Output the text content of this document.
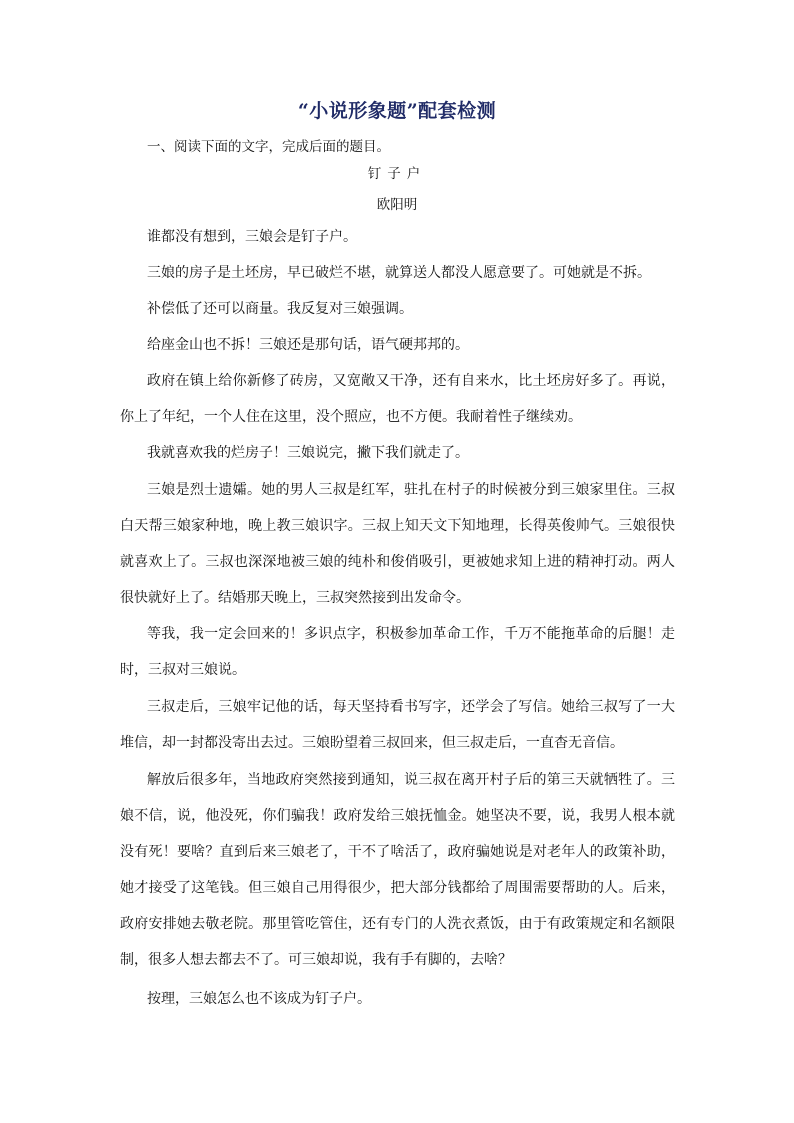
“小说形象题”配套检测
一、阅读下面的文字，完成后面的题目。
钉子户
欧阳明

谁都没有想到，三娘会是钉子户。

三娘的房子是土坯房，早已破烂不堪，就算送人都没人愿意要了。可她就是不拆。

补偿低了还可以商量。我反复对三娘强调。

给座金山也不拆！三娘还是那句话，语气硬邦邦的。

政府在镇上给你新修了砖房，又宽敞又干净，还有自来水，比土坯房好多了。再说，你上了年纪，一个人住在这里，没个照应，也不方便。我耐着性子继续劝。

我就喜欢我的烂房子！三娘说完，撇下我们就走了。

三娘是烈士遗孀。她的男人三叔是红军，驻扎在村子的时候被分到三娘家里住。三叔白天帮三娘家种地，晚上教三娘识字。三叔上知天文下知地理，长得英俊帅气。三娘很快就喜欢上了。三叔也深深地被三娘的纯朴和俊俏吸引，更被她求知上进的精神打动。两人很快就好上了。结婚那天晚上，三叔突然接到出发命令。

等我，我一定会回来的！多识点字，积极参加革命工作，千万不能拖革命的后腿！走时，三叔对三娘说。

三叔走后，三娘牢记他的话，每天坚持看书写字，还学会了写信。她给三叔写了一大堆信，却一封都没寄出去过。三娘盼望着三叔回来，但三叔走后，一直杳无音信。

解放后很多年，当地政府突然接到通知，说三叔在离开村子后的第三天就牺牲了。三娘不信，说，他没死，你们骗我！政府发给三娘抚恤金。她坚决不要，说，我男人根本就没有死！要啥？直到后来三娘老了，干不了啥活了，政府骗她说是对老年人的政策补助，她才接受了这笔钱。但三娘自己用得很少，把大部分钱都给了周围需要帮助的人。后来，政府安排她去敬老院。那里管吃管住，还有专门的人洗衣煮饭，由于有政策规定和名额限制，很多人想去都去不了。可三娘却说，我有手有脚的，去啥？

按理，三娘怎么也不该成为钉子户。
